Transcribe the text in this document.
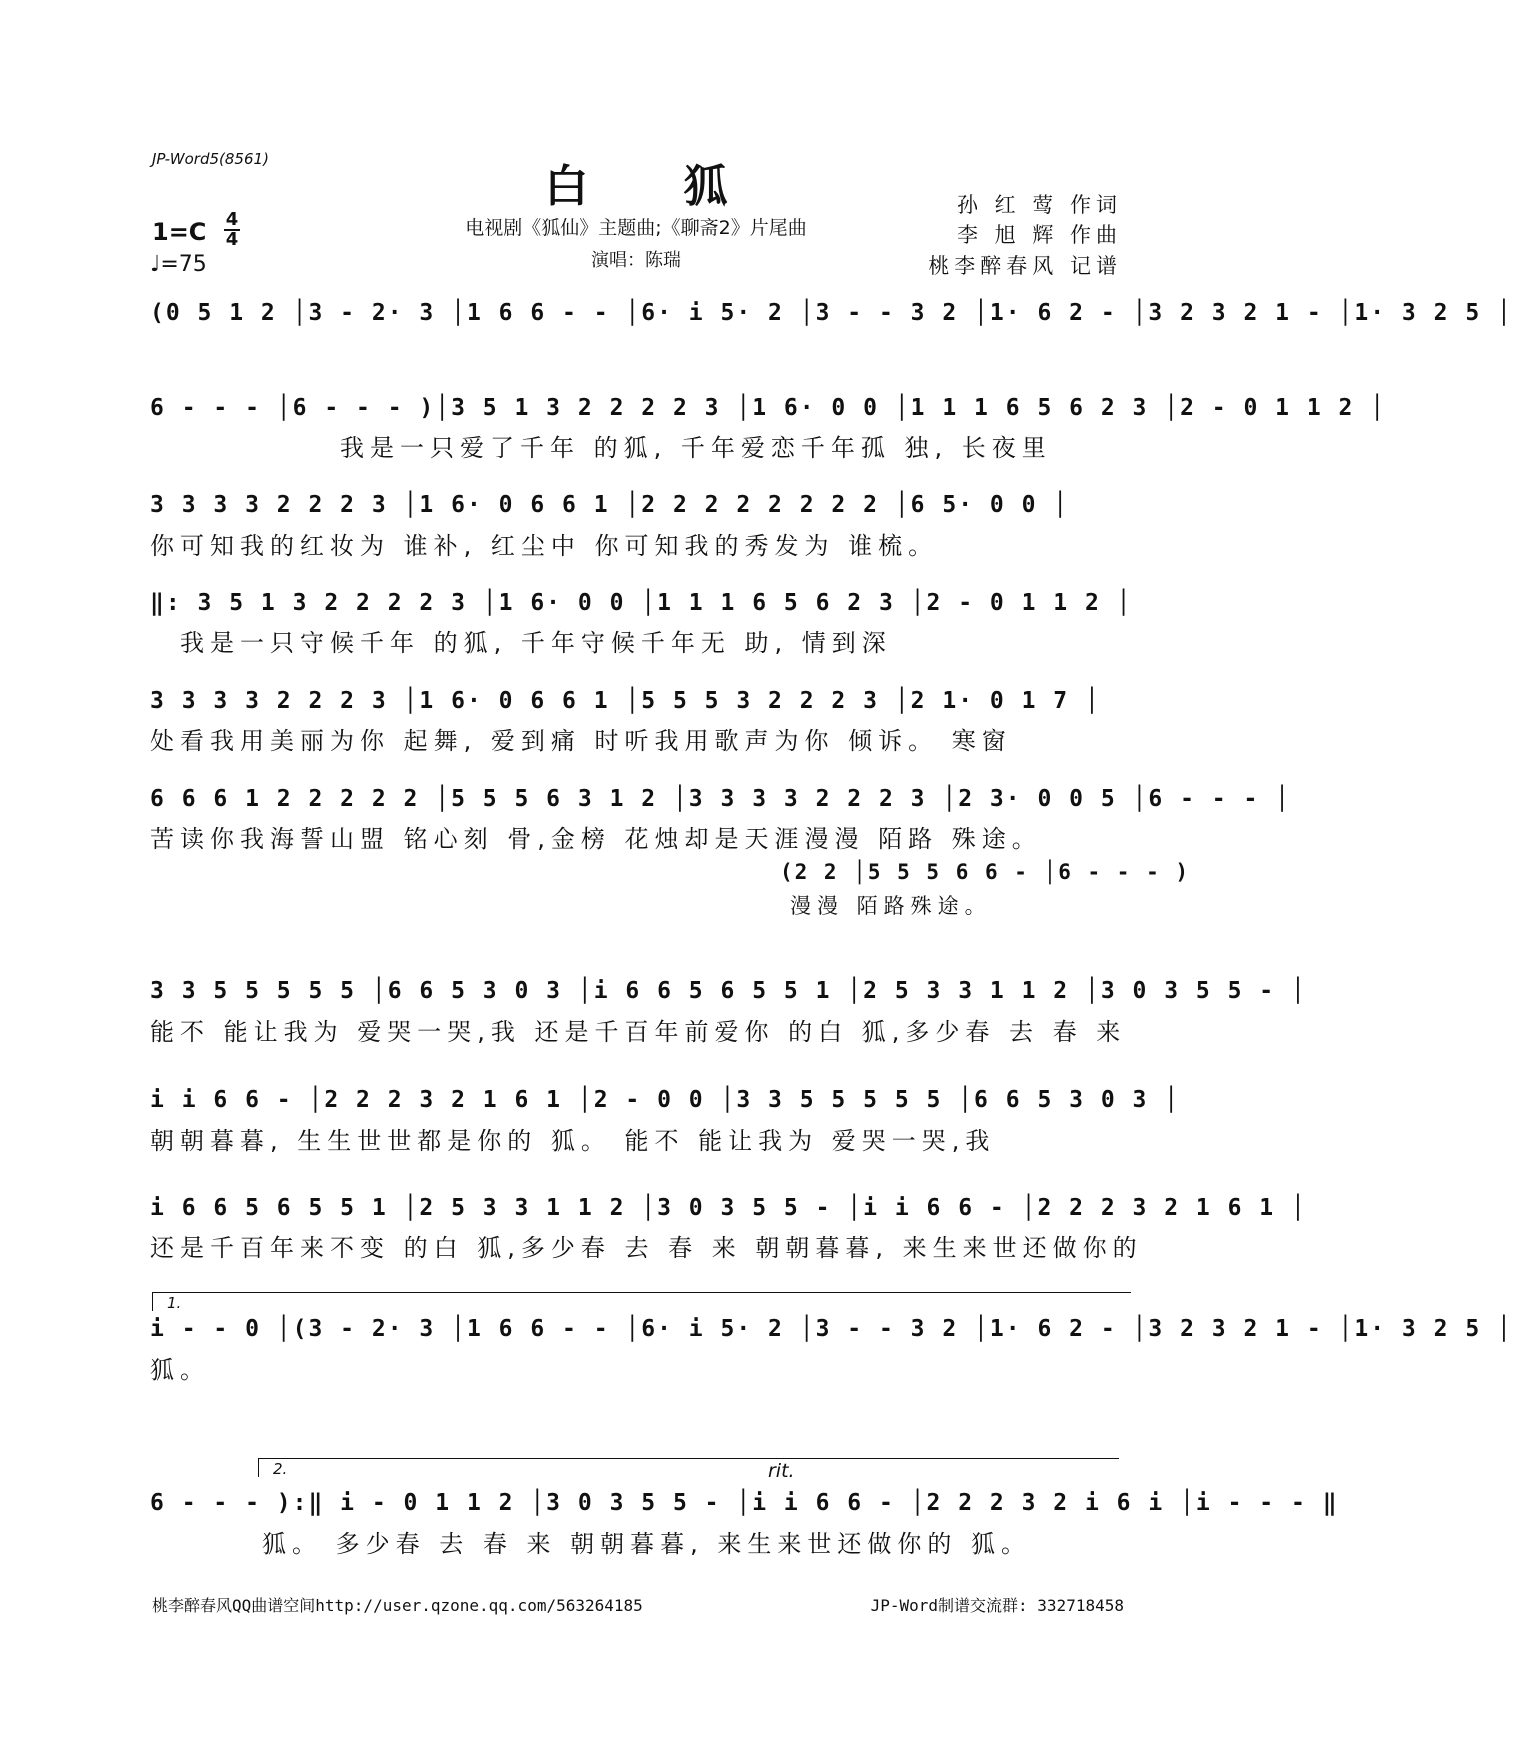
JP-Word5(8561)
白 狐
电视剧《狐仙》主题曲;《聊斋2》片尾曲
演唱：陈瑞
孙 红 莺 作词
李 旭 辉 作曲
桃李醉春风 记谱
1=C 4
4
♩=75
(0 5 1 2 │3 - 2· 3 │1 6 6 - - │6· i 5· 2 │3 - - 3 2 │1· 6 2 - │3 2 3 2 1 - │1· 3 2 5 │
6 - - - │6 - - - )│3 5 1 3 2 2 2 2 3 │1 6· 0 0 │1 1 1 6 5 6 2 3 │2 - 0 1 1 2 │
我是一只爱了千年 的狐, 千年爱恋千年孤 独, 长夜里
3 3 3 3 2 2 2 3 │1 6· 0 6 6 1 │2 2 2 2 2 2 2 2 │6 5· 0 0 │
你可知我的红妆为 谁补, 红尘中 你可知我的秀发为 谁梳。
‖: 3 5 1 3 2 2 2 2 3 │1 6· 0 0 │1 1 1 6 5 6 2 3 │2 - 0 1 1 2 │
我是一只守候千年 的狐, 千年守候千年无 助, 情到深
3 3 3 3 2 2 2 3 │1 6· 0 6 6 1 │5 5 5 3 2 2 2 3 │2 1· 0 1 7 │
处看我用美丽为你 起舞, 爱到痛 时听我用歌声为你 倾诉。 寒窗
6 6 6 1 2 2 2 2 2 │5 5 5 6 3 1 2 │3 3 3 3 2 2 2 3 │2 3· 0 0 5 │6 - - - │
苦读你我海誓山盟 铭心刻 骨,金榜 花烛却是天涯漫漫 陌路 殊途。
(2 2 │5 5 5 6 6 - │6 - - - )
漫漫 陌路殊途。
3 3 5 5 5 5 5 │6 6 5 3 0 3 │i 6 6 5 6 5 5 1 │2 5 3 3 1 1 2 │3 0 3 5 5 - │
能不 能让我为 爱哭一哭,我 还是千百年前爱你 的白 狐,多少春 去 春 来
i i 6 6 - │2 2 2 3 2 1 6 1 │2 - 0 0 │3 3 5 5 5 5 5 │6 6 5 3 0 3 │
朝朝暮暮, 生生世世都是你的 狐。 能不 能让我为 爱哭一哭,我
i 6 6 5 6 5 5 1 │2 5 3 3 1 1 2 │3 0 3 5 5 - │i i 6 6 - │2 2 2 3 2 1 6 1 │
还是千百年来不变 的白 狐,多少春 去 春 来 朝朝暮暮, 来生来世还做你的
1.
i - - 0 │(3 - 2· 3 │1 6 6 - - │6· i 5· 2 │3 - - 3 2 │1· 6 2 - │3 2 3 2 1 - │1· 3 2 5 │
狐。
2.	rit.
6 - - - ):‖ i - 0 1 1 2 │3 0 3 5 5 - │i i 6 6 - │2 2 2 3 2 i 6 i │i - - - ‖
狐。 多少春 去 春 来 朝朝暮暮, 来生来世还做你的 狐。
桃李醉春风QQ曲谱空间http://user.qzone.qq.com/563264185	JP-Word制谱交流群: 332718458
